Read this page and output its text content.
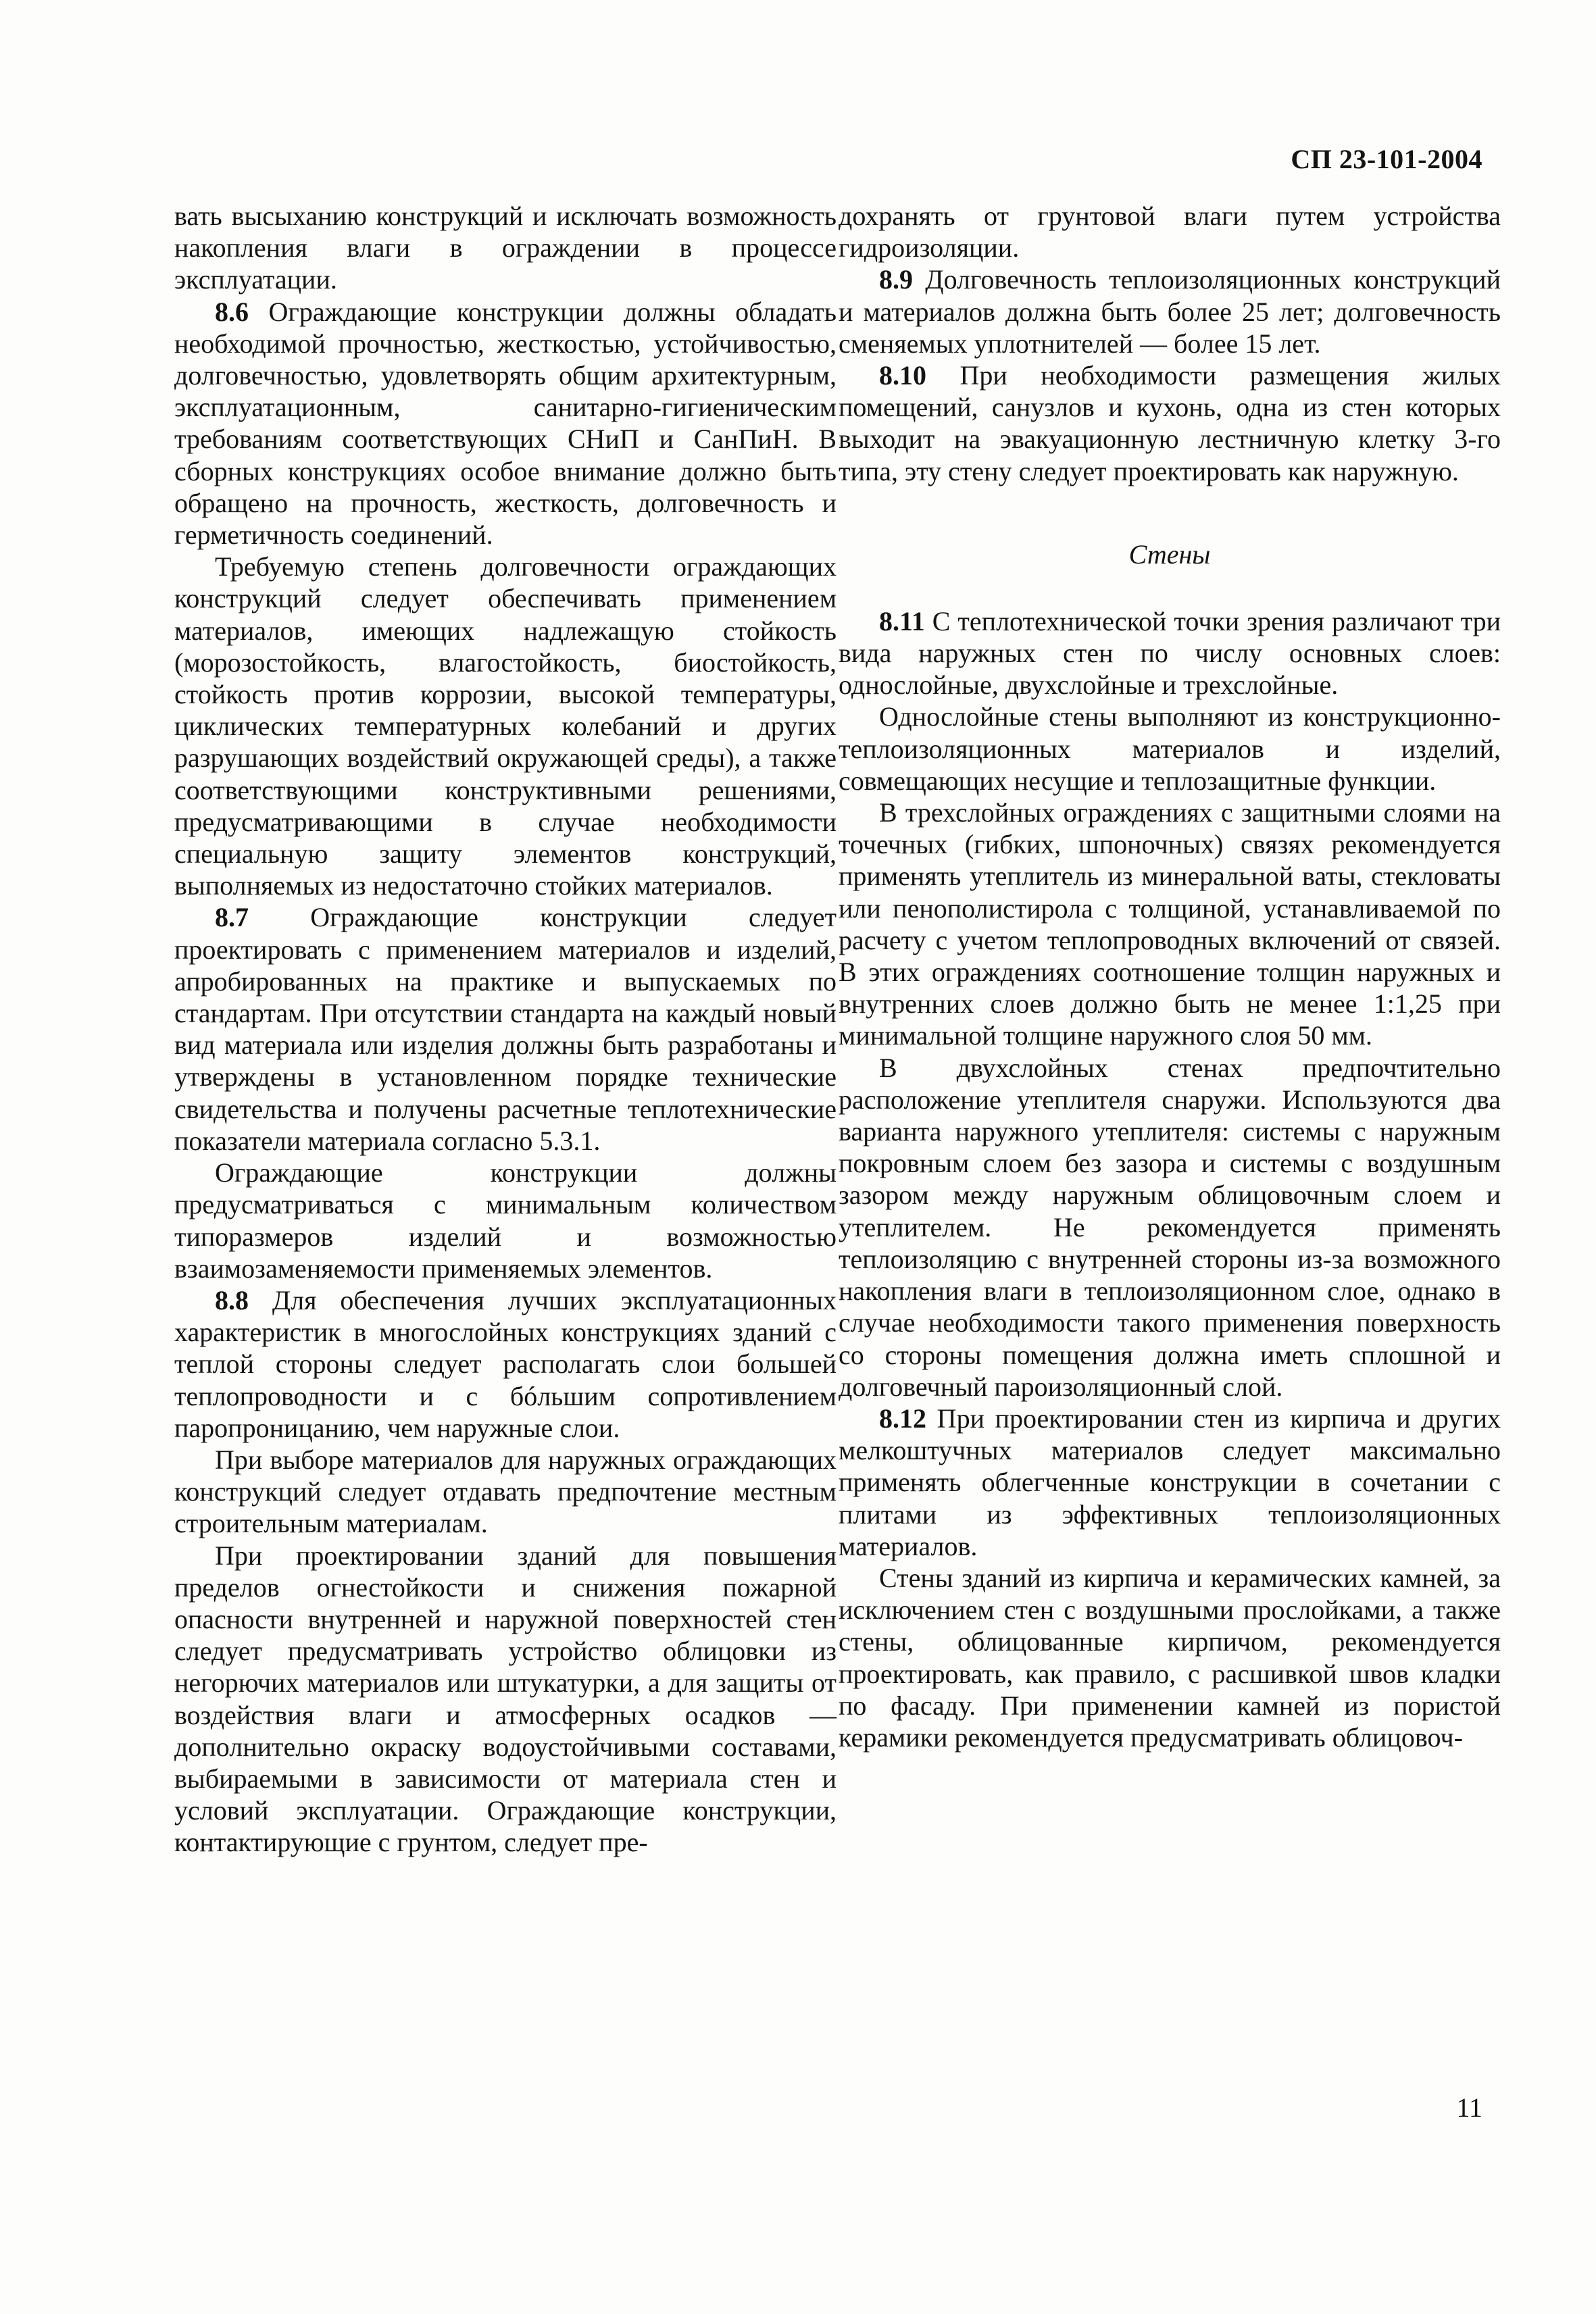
СП 23-101-2004

вать высыханию конструкций и исключать возможность накопления влаги в ограждении в процессе эксплуатации.

8.6 Ограждающие конструкции должны обладать необходимой прочностью, жесткостью, устойчивостью, долговечностью, удовлетворять общим архитектурным, эксплуатационным, санитарно-гигиеническим требованиям соответствующих СНиП и СанПиН. В сборных конструкциях особое внимание должно быть обращено на прочность, жесткость, долговечность и герметичность соединений.

Требуемую степень долговечности ограждающих конструкций следует обеспечивать применением материалов, имеющих надлежащую стойкость (морозостойкость, влагостойкость, биостойкость, стойкость против коррозии, высокой температуры, циклических температурных колебаний и других разрушающих воздействий окружающей среды), а также соответствующими конструктивными решениями, предусматривающими в случае необходимости специальную защиту элементов конструкций, выполняемых из недостаточно стойких материалов.

8.7 Ограждающие конструкции следует проектировать с применением материалов и изделий, апробированных на практике и выпускаемых по стандартам. При отсутствии стандарта на каждый новый вид материала или изделия должны быть разработаны и утверждены в установленном порядке технические свидетельства и получены расчетные теплотехнические показатели материала согласно 5.3.1.

Ограждающие конструкции должны предусматриваться с минимальным количеством типоразмеров изделий и возможностью взаимозаменяемости применяемых элементов.

8.8 Для обеспечения лучших эксплуатационных характеристик в многослойных конструкциях зданий с теплой стороны следует располагать слои большей теплопроводности и с бóльшим сопротивлением паропроницанию, чем наружные слои.

При выборе материалов для наружных ограждающих конструкций следует отдавать предпочтение местным строительным материалам.

При проектировании зданий для повышения пределов огнестойкости и снижения пожарной опасности внутренней и наружной поверхностей стен следует предусматривать устройство облицовки из негорючих материалов или штукатурки, а для защиты от воздействия влаги и атмосферных осадков — дополнительно окраску водоустойчивыми составами, выбираемыми в зависимости от материала стен и условий эксплуатации. Ограждающие конструкции, контактирующие с грунтом, следует пре-

дохранять от грунтовой влаги путем устройства гидроизоляции.

8.9 Долговечность теплоизоляционных конструкций и материалов должна быть более 25 лет; долговечность сменяемых уплотнителей — более 15 лет.

8.10 При необходимости размещения жилых помещений, санузлов и кухонь, одна из стен которых выходит на эвакуационную лестничную клетку 3-го типа, эту стену следует проектировать как наружную.

Стены

8.11 С теплотехнической точки зрения различают три вида наружных стен по числу основных слоев: однослойные, двухслойные и трехслойные.

Однослойные стены выполняют из конструкционно-теплоизоляционных материалов и изделий, совмещающих несущие и теплозащитные функции.

В трехслойных ограждениях с защитными слоями на точечных (гибких, шпоночных) связях рекомендуется применять утеплитель из минеральной ваты, стекловаты или пенополистирола с толщиной, устанавливаемой по расчету с учетом теплопроводных включений от связей. В этих ограждениях соотношение толщин наружных и внутренних слоев должно быть не менее 1:1,25 при минимальной толщине наружного слоя 50 мм.

В двухслойных стенах предпочтительно расположение утеплителя снаружи. Используются два варианта наружного утеплителя: системы с наружным покровным слоем без зазора и системы с воздушным зазором между наружным облицовочным слоем и утеплителем. Не рекомендуется применять теплоизоляцию с внутренней стороны из-за возможного накопления влаги в теплоизоляционном слое, однако в случае необходимости такого применения поверхность со стороны помещения должна иметь сплошной и долговечный пароизоляционный слой.

8.12 При проектировании стен из кирпича и других мелкоштучных материалов следует максимально применять облегченные конструкции в сочетании с плитами из эффективных теплоизоляционных материалов.

Стены зданий из кирпича и керамических камней, за исключением стен с воздушными прослойками, а также стены, облицованные кирпичом, рекомендуется проектировать, как правило, с расшивкой швов кладки по фасаду. При применении камней из пористой керамики рекомендуется предусматривать облицовоч-

11
